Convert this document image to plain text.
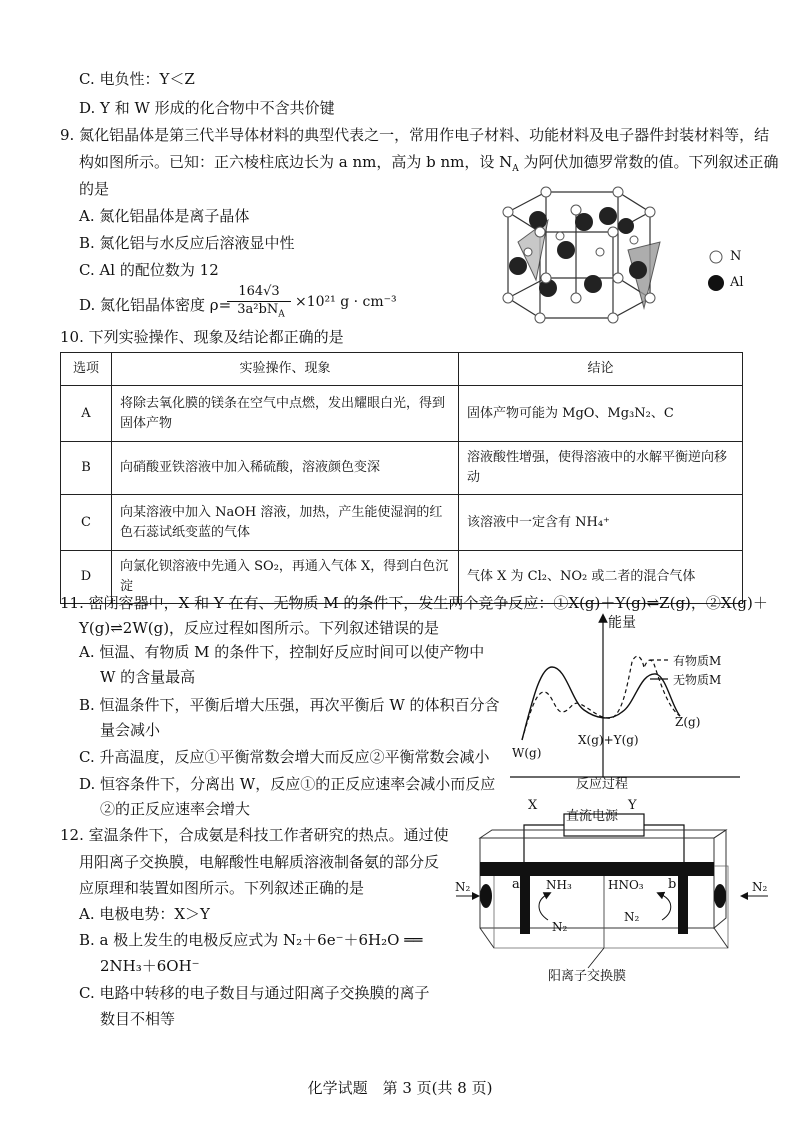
C. 电负性：Y＜Z
D. Y 和 W 形成的化合物中不含共价键
9. 氮化铝晶体是第三代半导体材料的典型代表之一，常用作电子材料、功能材料及电子器件封装材料等，结
构如图所示。已知：正六棱柱底边长为 a nm，高为 b nm，设 $N_A$ 为阿伏加德罗常数的值。下列叙述正确
的是
A. 氮化铝晶体是离子晶体
B. 氮化铝与水反应后溶液显中性
C. Al 的配位数为 12
D. 氮化铝晶体密度 ρ=
164√3
$3a^2bN_A$
×10²¹ g · cm⁻³
N
Al
10. 下列实验操作、现象及结论都正确的是
选项	实验操作、现象	结论
A	将除去氧化膜的镁条在空气中点燃，发出耀眼白光，得到固体产物	固体产物可能为 MgO、Mg₃N₂、C
B	向硝酸亚铁溶液中加入稀硫酸，溶液颜色变深	溶液酸性增强，使得溶液中的水解平衡逆向移动
C	向某溶液中加入 NaOH 溶液，加热，产生能使湿润的红色石蕊试纸变蓝的气体	该溶液中一定含有 NH₄⁺
D	向氯化钡溶液中先通入 SO₂，再通入气体 X，得到白色沉淀	气体 X 为 Cl₂、NO₂ 或二者的混合气体
11. 密闭容器中，X 和 Y 在有、无物质 M 的条件下，发生两个竞争反应：①X(g)＋Y(g)⇌Z(g)，②X(g)＋
Y(g)⇌2W(g)，反应过程如图所示。下列叙述错误的是
A. 恒温、有物质 M 的条件下，控制好反应时间可以使产物中
W 的含量最高
B. 恒温条件下，平衡后增大压强，再次平衡后 W 的体积百分含
量会减小
C. 升高温度，反应①平衡常数会增大而反应②平衡常数会减小
D. 恒容条件下，分离出 W，反应①的正反应速率会减小而反应
②的正反应速率会增大
能量
有物质M
无物质M
W(g)
X(g)+Y(g)
Z(g)
反应过程
12. 室温条件下，合成氨是科技工作者研究的热点。通过使
用阳离子交换膜，电解酸性电解质溶液制备氨的部分反
应原理和装置如图所示。下列叙述正确的是
A. 电极电势：X＞Y
B. a 极上发生的电极反应式为 N₂＋6e⁻＋6H₂O ══
2NH₃＋6OH⁻
C. 电路中转移的电子数目与通过阳离子交换膜的离子
数目不相等
直流电源
X	Y
N₂	N₂
a	b
NH₃	HNO₃
N₂
N₂
阳离子交换膜
化学试题　第 3 页(共 8 页)
